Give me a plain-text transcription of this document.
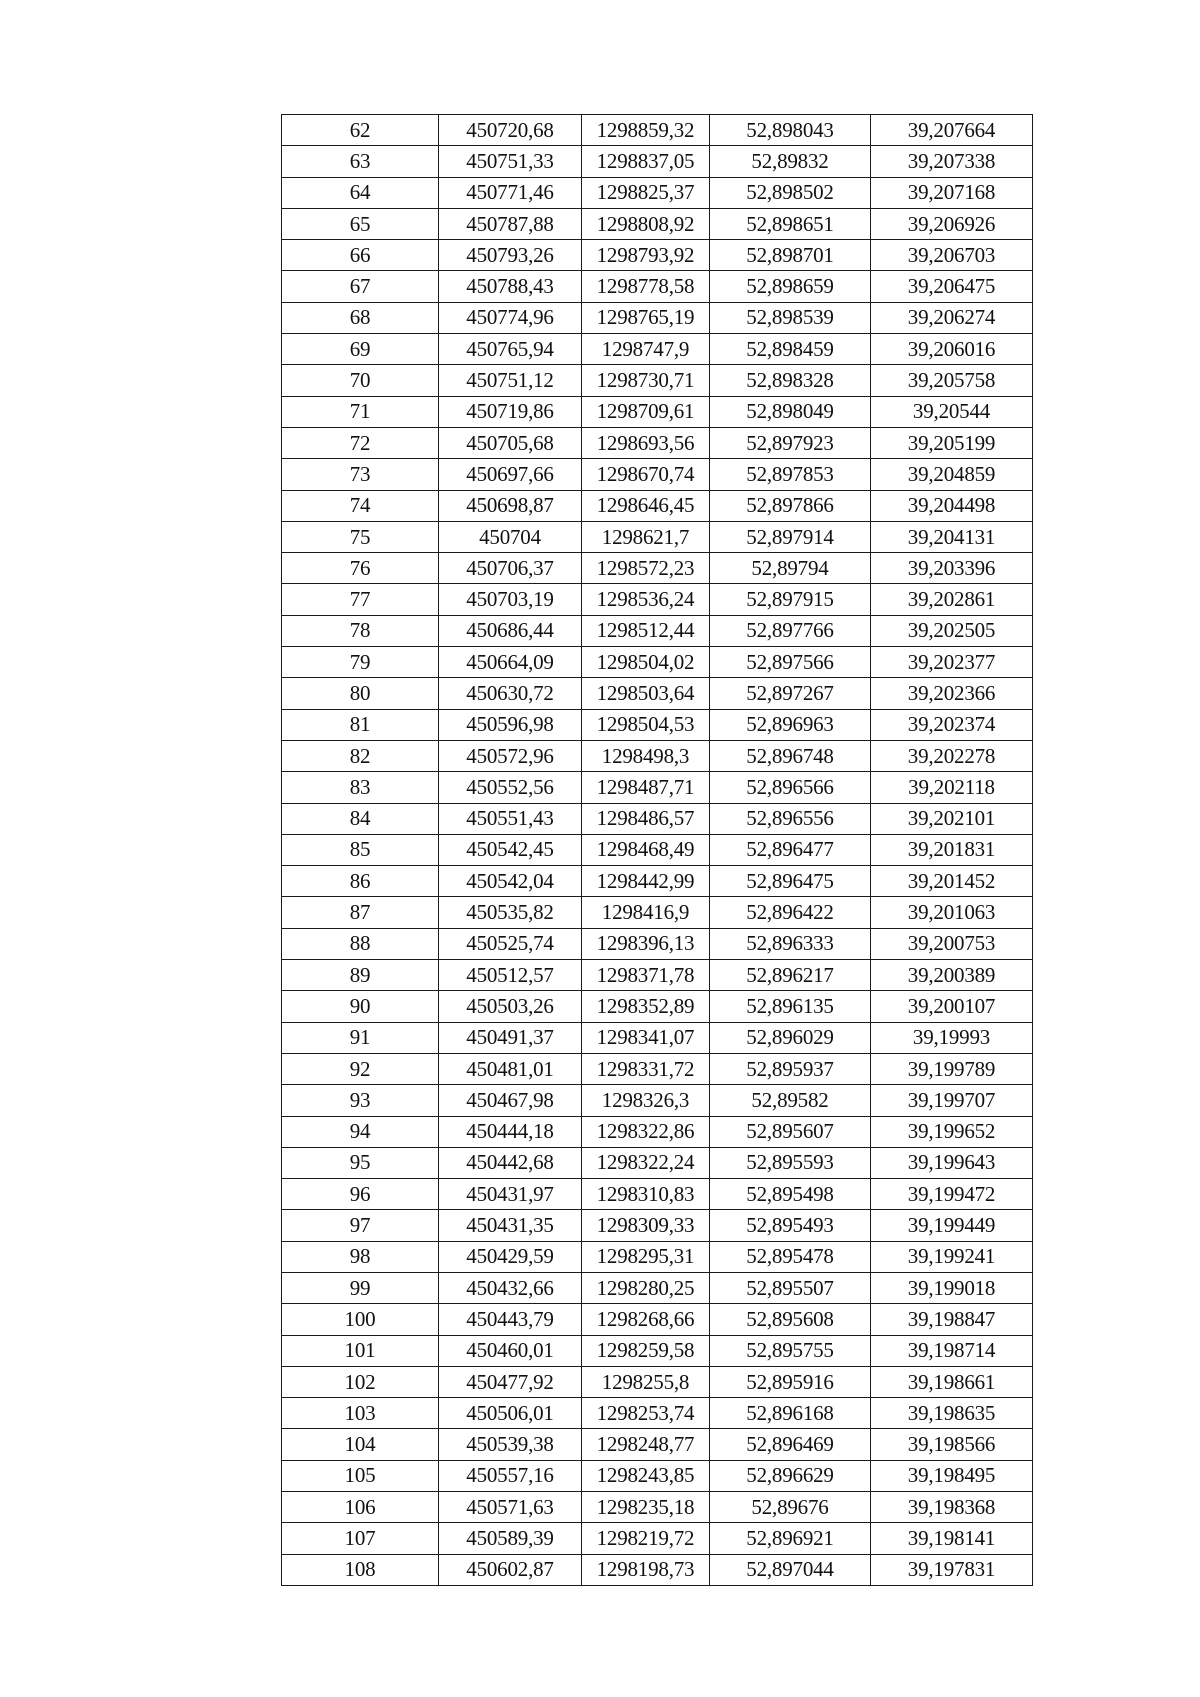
62	450720,68	1298859,32	52,898043	39,207664
63	450751,33	1298837,05	52,89832	39,207338
64	450771,46	1298825,37	52,898502	39,207168
65	450787,88	1298808,92	52,898651	39,206926
66	450793,26	1298793,92	52,898701	39,206703
67	450788,43	1298778,58	52,898659	39,206475
68	450774,96	1298765,19	52,898539	39,206274
69	450765,94	1298747,9	52,898459	39,206016
70	450751,12	1298730,71	52,898328	39,205758
71	450719,86	1298709,61	52,898049	39,20544
72	450705,68	1298693,56	52,897923	39,205199
73	450697,66	1298670,74	52,897853	39,204859
74	450698,87	1298646,45	52,897866	39,204498
75	450704	1298621,7	52,897914	39,204131
76	450706,37	1298572,23	52,89794	39,203396
77	450703,19	1298536,24	52,897915	39,202861
78	450686,44	1298512,44	52,897766	39,202505
79	450664,09	1298504,02	52,897566	39,202377
80	450630,72	1298503,64	52,897267	39,202366
81	450596,98	1298504,53	52,896963	39,202374
82	450572,96	1298498,3	52,896748	39,202278
83	450552,56	1298487,71	52,896566	39,202118
84	450551,43	1298486,57	52,896556	39,202101
85	450542,45	1298468,49	52,896477	39,201831
86	450542,04	1298442,99	52,896475	39,201452
87	450535,82	1298416,9	52,896422	39,201063
88	450525,74	1298396,13	52,896333	39,200753
89	450512,57	1298371,78	52,896217	39,200389
90	450503,26	1298352,89	52,896135	39,200107
91	450491,37	1298341,07	52,896029	39,19993
92	450481,01	1298331,72	52,895937	39,199789
93	450467,98	1298326,3	52,89582	39,199707
94	450444,18	1298322,86	52,895607	39,199652
95	450442,68	1298322,24	52,895593	39,199643
96	450431,97	1298310,83	52,895498	39,199472
97	450431,35	1298309,33	52,895493	39,199449
98	450429,59	1298295,31	52,895478	39,199241
99	450432,66	1298280,25	52,895507	39,199018
100	450443,79	1298268,66	52,895608	39,198847
101	450460,01	1298259,58	52,895755	39,198714
102	450477,92	1298255,8	52,895916	39,198661
103	450506,01	1298253,74	52,896168	39,198635
104	450539,38	1298248,77	52,896469	39,198566
105	450557,16	1298243,85	52,896629	39,198495
106	450571,63	1298235,18	52,89676	39,198368
107	450589,39	1298219,72	52,896921	39,198141
108	450602,87	1298198,73	52,897044	39,197831
